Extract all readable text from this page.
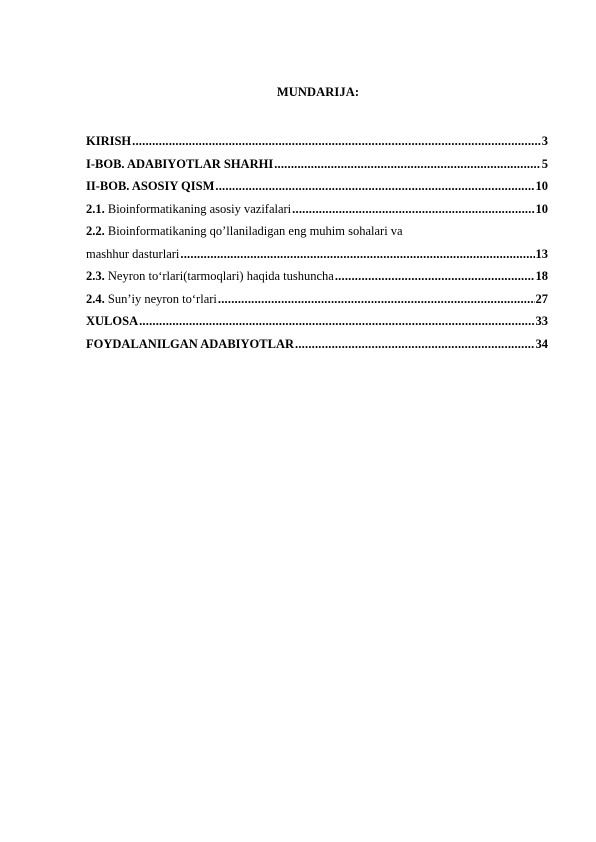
MUNDARIJA:
KIRISH .....	3
I-BOB. ADABIYOTLAR SHARHI .....	5
II-BOB. ASOSIY QISM .....	10
2.1. Bioinformatikaning asosiy vazifalari .....	10
2.2. Bioinformatikaning qo’llaniladigan eng muhim sohalari va
mashhur dasturlari .....	13
2.3. Neyron to‘rlari(tarmoqlari) haqida tushuncha .....	18
2.4. Sun’iy neyron to‘rlari .....	27
XULOSA .....	33
FOYDALANILGAN ADABIYOTLAR .....	34
